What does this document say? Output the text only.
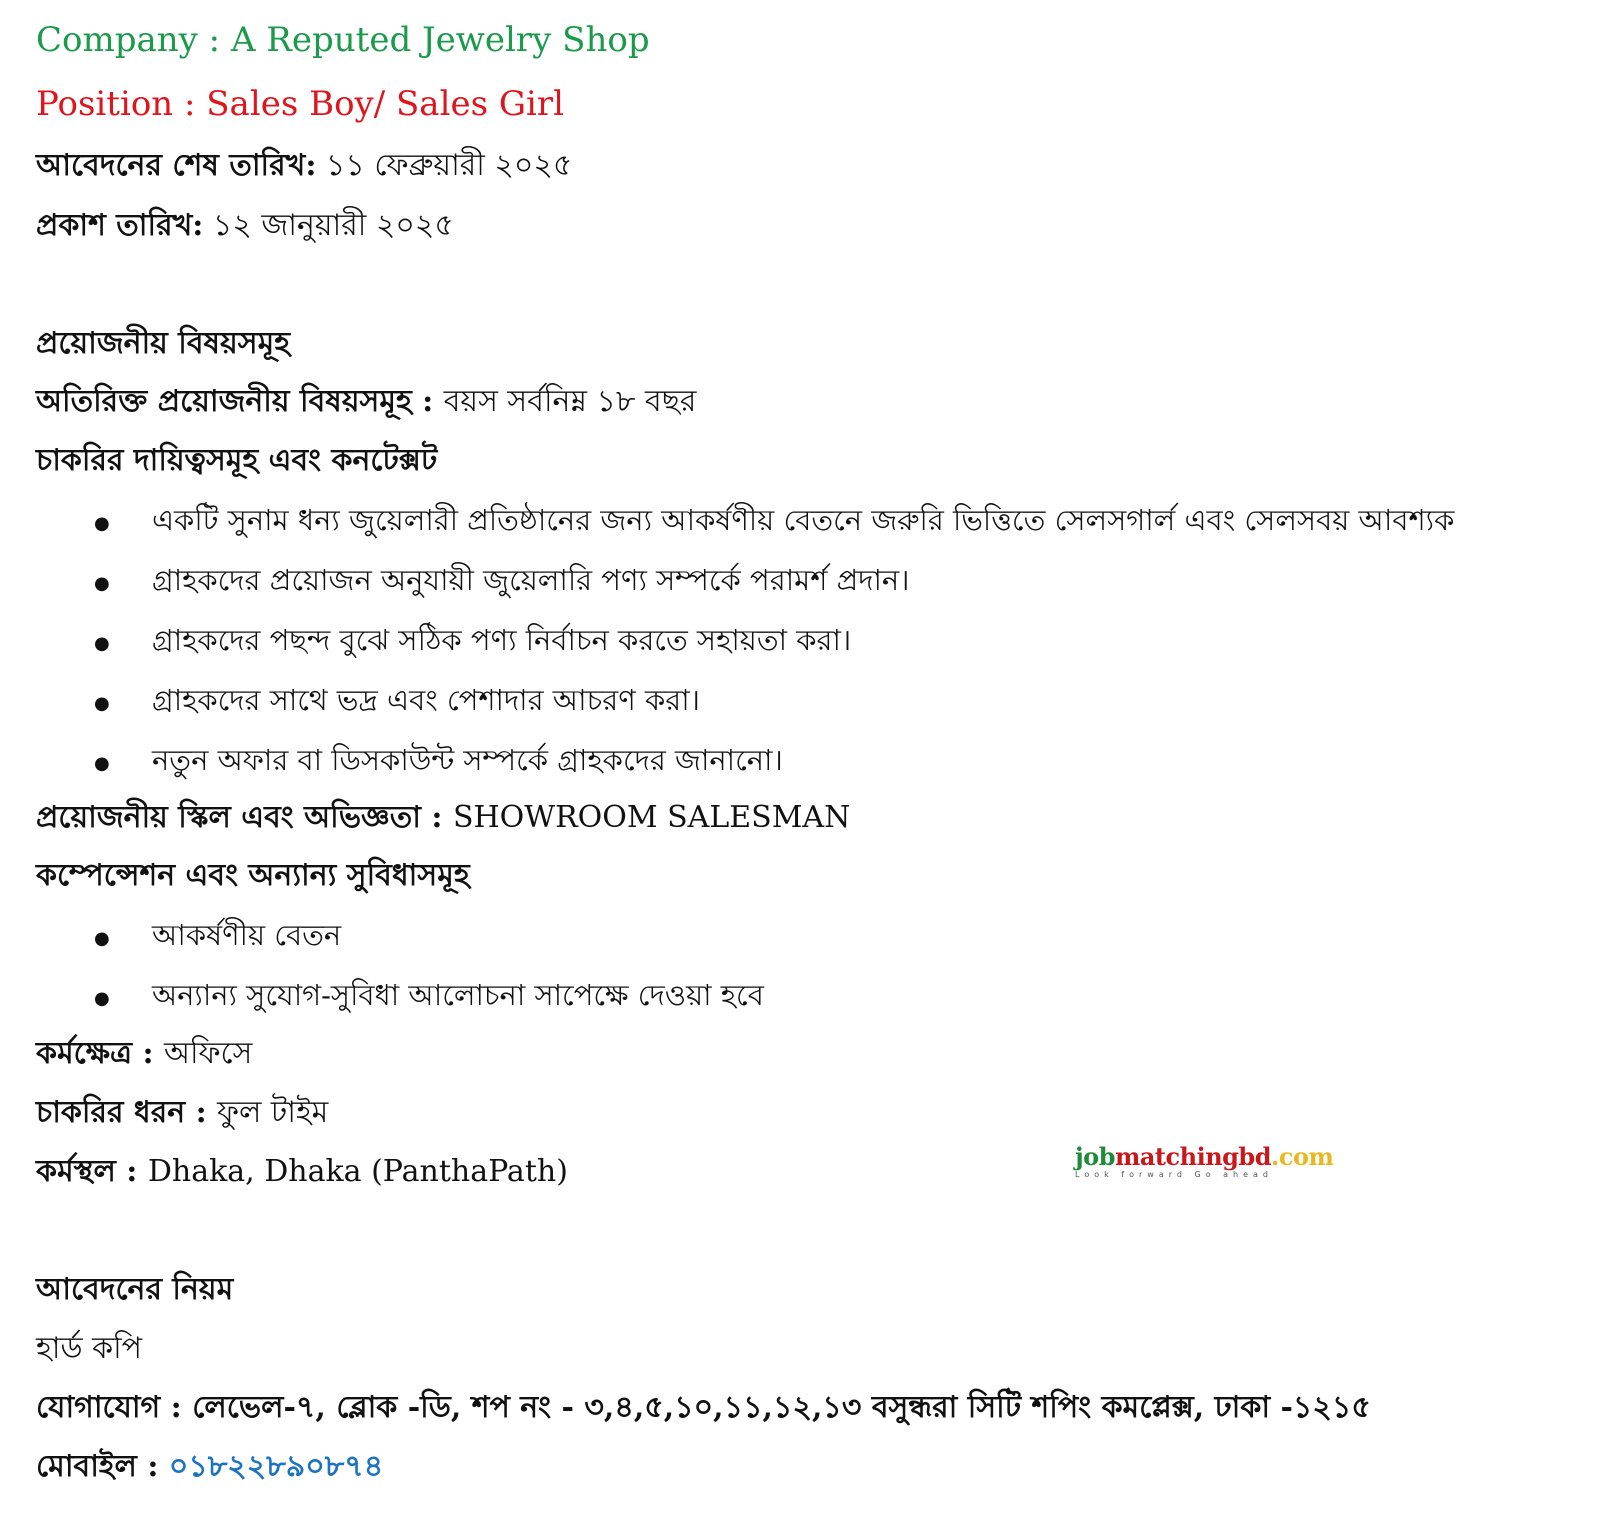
Company : A Reputed Jewelry Shop
Position : Sales Boy/ Sales Girl
আবেদনের শেষ তারিখ: ১১ ফেব্রুয়ারী ২০২৫
প্রকাশ তারিখ: ১২ জানুয়ারী ২০২৫
প্রয়োজনীয় বিষয়সমূহ
অতিরিক্ত প্রয়োজনীয় বিষয়সমূহ : বয়স সর্বনিম্ন ১৮ বছর
চাকরির দায়িত্বসমূহ এবং কনটেক্সট
● একটি সুনাম ধন্য জুয়েলারী প্রতিষ্ঠানের জন্য আকর্ষণীয় বেতনে জরুরি ভিত্তিতে সেলসগার্ল এবং সেলসবয় আবশ্যক
● গ্রাহকদের প্রয়োজন অনুযায়ী জুয়েলারি পণ্য সম্পর্কে পরামর্শ প্রদান।
● গ্রাহকদের পছন্দ বুঝে সঠিক পণ্য নির্বাচন করতে সহায়তা করা।
● গ্রাহকদের সাথে ভদ্র এবং পেশাদার আচরণ করা।
● নতুন অফার বা ডিসকাউন্ট সম্পর্কে গ্রাহকদের জানানো।
প্রয়োজনীয় স্কিল এবং অভিজ্ঞতা : SHOWROOM SALESMAN
কম্পেন্সেশন এবং অন্যান্য সুবিধাসমূহ
● আকর্ষণীয় বেতন
● অন্যান্য সুযোগ-সুবিধা আলোচনা সাপেক্ষে দেওয়া হবে
কর্মক্ষেত্র : অফিসে
চাকরির ধরন : ফুল টাইম
কর্মস্থল : Dhaka, Dhaka (PanthaPath)	jobmatchingbd.com
Look forward Go ahead
আবেদনের নিয়ম
হার্ড কপি
যোগাযোগ : লেভেল-৭, ব্লোক -ডি, শপ নং - ৩,৪,৫,১০,১১,১২,১৩ বসুন্ধরা সিটি শপিং কমপ্লেক্স, ঢাকা -১২১৫
মোবাইল : ০১৮২২৮৯০৮৭৪
